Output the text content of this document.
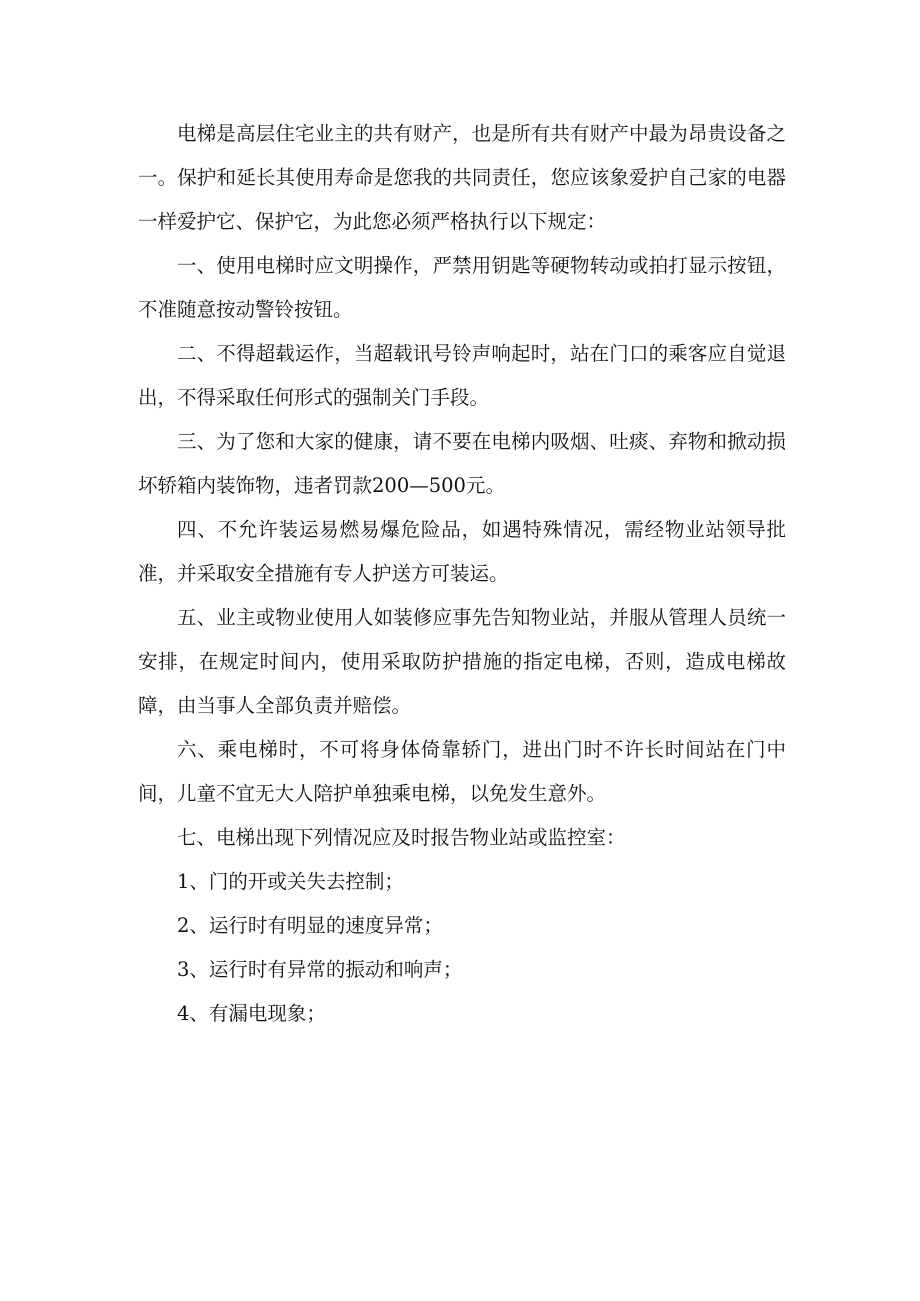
电梯是高层住宅业主的共有财产，也是所有共有财产中最为昂贵设备之一。保护和延长其使用寿命是您我的共同责任，您应该象爱护自己家的电器一样爱护它、保护它，为此您必须严格执行以下规定：

一、使用电梯时应文明操作，严禁用钥匙等硬物转动或拍打显示按钮，不准随意按动警铃按钮。

二、不得超载运作，当超载讯号铃声响起时，站在门口的乘客应自觉退出，不得采取任何形式的强制关门手段。

三、为了您和大家的健康，请不要在电梯内吸烟、吐痰、弃物和掀动损坏轿箱内装饰物，违者罚款200—500元。

四、不允许装运易燃易爆危险品，如遇特殊情况，需经物业站领导批准，并采取安全措施有专人护送方可装运。

五、业主或物业使用人如装修应事先告知物业站，并服从管理人员统一安排，在规定时间内，使用采取防护措施的指定电梯，否则，造成电梯故障，由当事人全部负责并赔偿。

六、乘电梯时，不可将身体倚靠轿门，进出门时不许长时间站在门中间，儿童不宜无大人陪护单独乘电梯，以免发生意外。

七、电梯出现下列情况应及时报告物业站或监控室：

1、门的开或关失去控制；

2、运行时有明显的速度异常；

3、运行时有异常的振动和响声；

4、有漏电现象；
